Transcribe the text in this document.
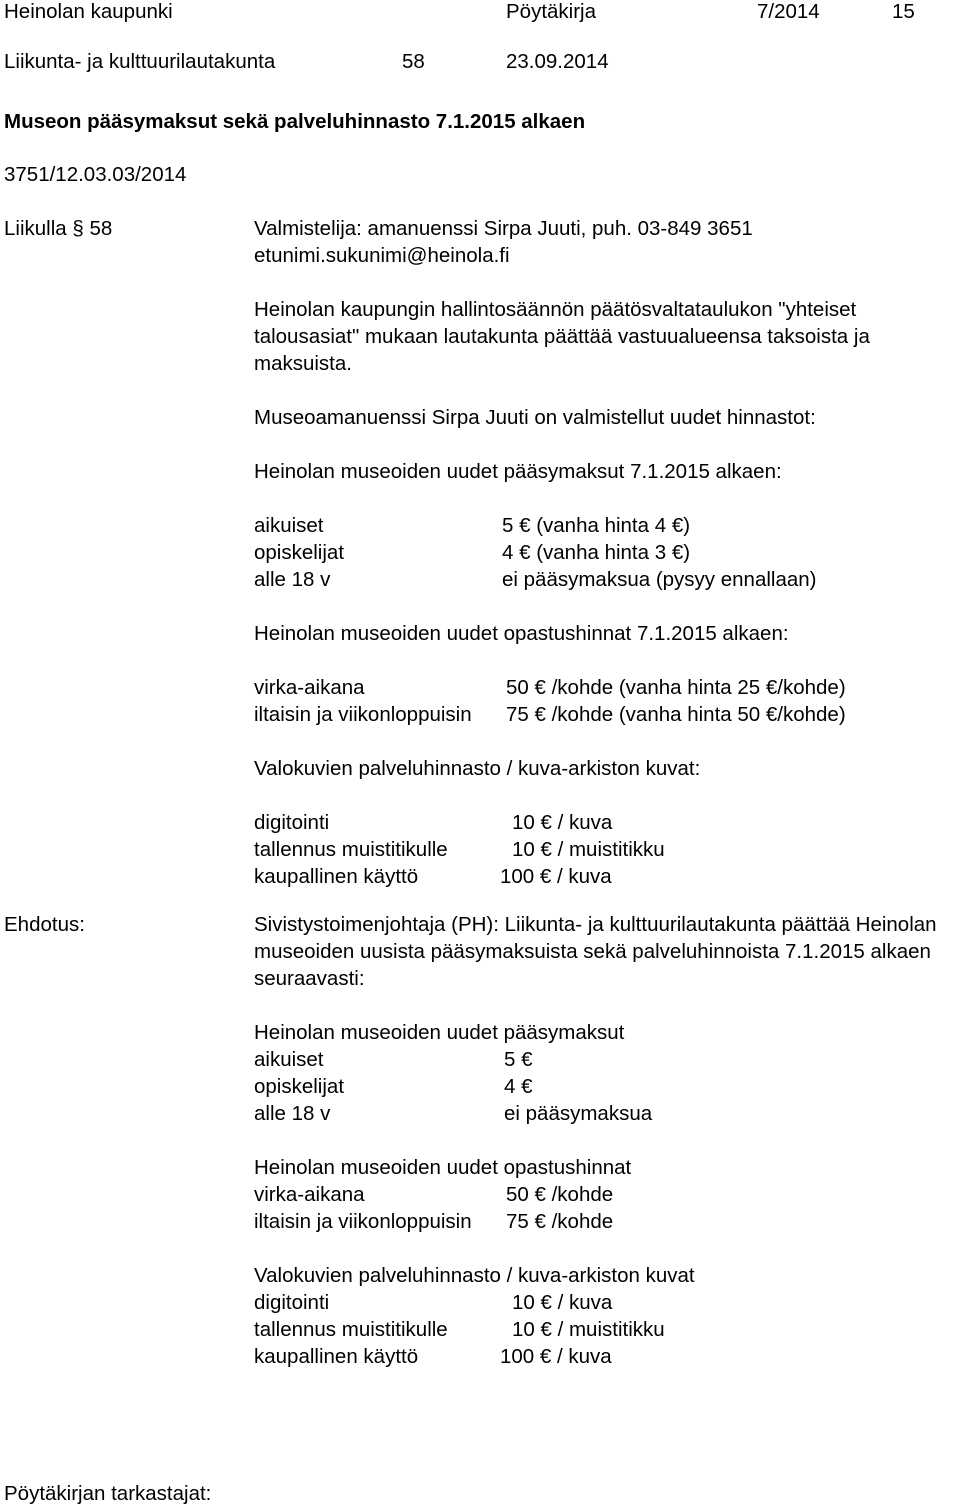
Heinolan kaupunki	Pöytäkirja	7/2014	15
Liikunta- ja kulttuurilautakunta	58	23.09.2014
Museon pääsymaksut sekä palveluhinnasto 7.1.2015 alkaen
3751/12.03.03/2014
Liikulla § 58	Valmistelija: amanuenssi Sirpa Juuti, puh. 03-849 3651
etunimi.sukunimi@heinola.fi
Heinolan kaupungin hallintosäännön päätösvaltataulukon "yhteiset talousasiat" mukaan lautakunta päättää vastuualueensa taksoista ja maksuista.
Museoamanuenssi Sirpa Juuti on valmistellut uudet hinnastot:
Heinolan museoiden uudet pääsymaksut 7.1.2015 alkaen:
aikuiset	5 € (vanha hinta 4 €)
opiskelijat	4 € (vanha hinta 3 €)
alle 18 v	ei pääsymaksua (pysyy ennallaan)
Heinolan museoiden uudet opastushinnat 7.1.2015 alkaen:
virka-aikana	50 € /kohde (vanha hinta 25 €/kohde)
iltaisin ja viikonloppuisin 75 € /kohde (vanha hinta 50 €/kohde)
Valokuvien palveluhinnasto / kuva-arkiston kuvat:
digitointi	10 € / kuva
tallennus muistitikulle	10 € / muistitikku
kaupallinen käyttö	100 € / kuva
Ehdotus:	Sivistystoimenjohtaja (PH): Liikunta- ja kulttuurilautakunta päättää Heinolan museoiden uusista pääsymaksuista sekä palveluhinnoista 7.1.2015 alkaen seuraavasti:
Heinolan museoiden uudet pääsymaksut
aikuiset	5 €
opiskelijat	4 €
alle 18 v	ei pääsymaksua
Heinolan museoiden uudet opastushinnat
virka-aikana	50 € /kohde
iltaisin ja viikonloppuisin 75 € /kohde
Valokuvien palveluhinnasto / kuva-arkiston kuvat
digitointi	10 € / kuva
tallennus muistitikulle	10 € / muistitikku
kaupallinen käyttö	100 € / kuva
Pöytäkirjan tarkastajat:
